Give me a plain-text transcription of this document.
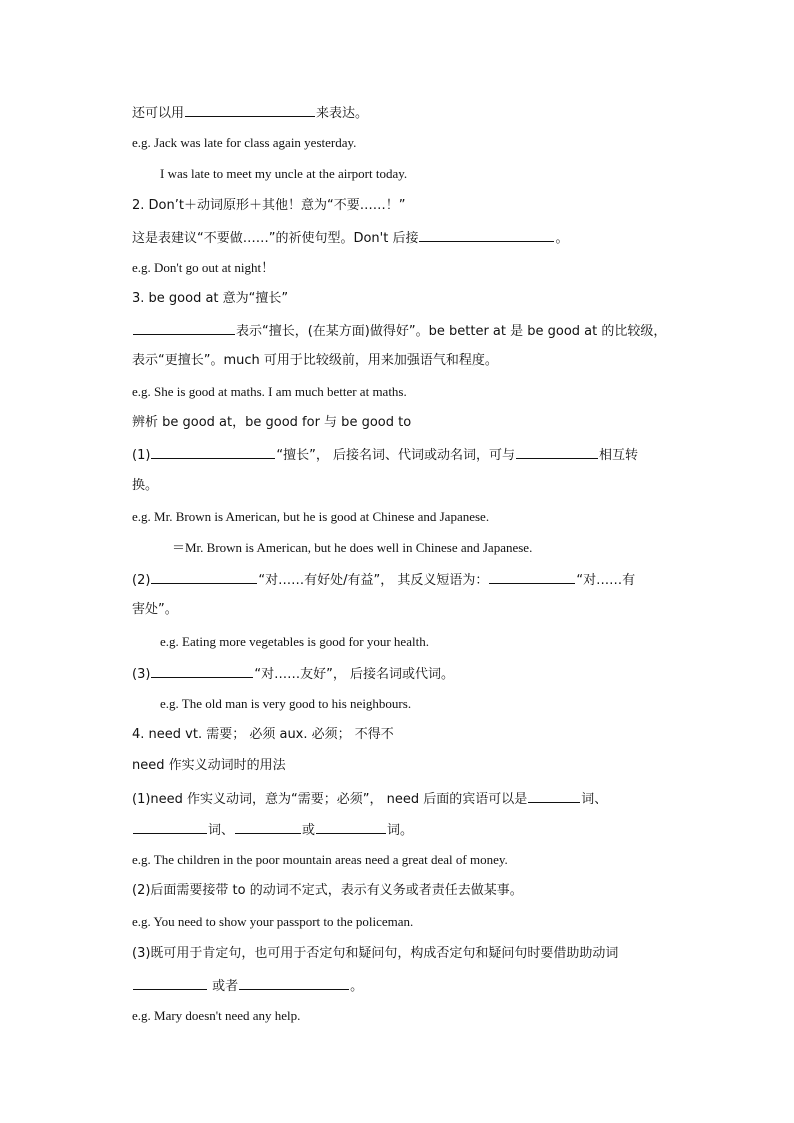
还可以用	来表达。
e.g. Jack was late for class again yesterday.
I was late to meet my uncle at the airport today.
2. Don’t＋动词原形＋其他！意为“不要……！”
这是表建议“不要做……”的祈使句型。Don't 后接	。
e.g. Don't go out at night！
3. be good at 意为“擅长”
表示“擅长，(在某方面)做得好”。be better at 是 be good at 的比较级，
表示“更擅长”。much 可用于比较级前，用来加强语气和程度。
e.g. She is good at maths. I am much better at maths.
辨析 be good at，be good for 与 be good to
(1)	“擅长”， 后接名词、代词或动名词，可与	相互转
换。
e.g. Mr. Brown is American, but he is good at Chinese and Japanese.
＝Mr. Brown is American, but he does well in Chinese and Japanese.
(2)	“对……有好处/有益”， 其反义短语为：	“对……有
害处”。
e.g. Eating more vegetables is good for your health.
(3)	“对……友好”， 后接名词或代词。
e.g. The old man is very good to his neighbours.
4. need vt. 需要； 必须 aux. 必须； 不得不
need 作实义动词时的用法
(1)need 作实义动词，意为“需要；必须”， need 后面的宾语可以是	词、
词、	或	词。
e.g. The children in the poor mountain areas need a great deal of money.
(2)后面需要接带 to 的动词不定式，表示有义务或者责任去做某事。
e.g. You need to show your passport to the policeman.
(3)既可用于肯定句，也可用于否定句和疑问句，构成否定句和疑问句时要借助助动词
或者	。
e.g. Mary doesn't need any help.
